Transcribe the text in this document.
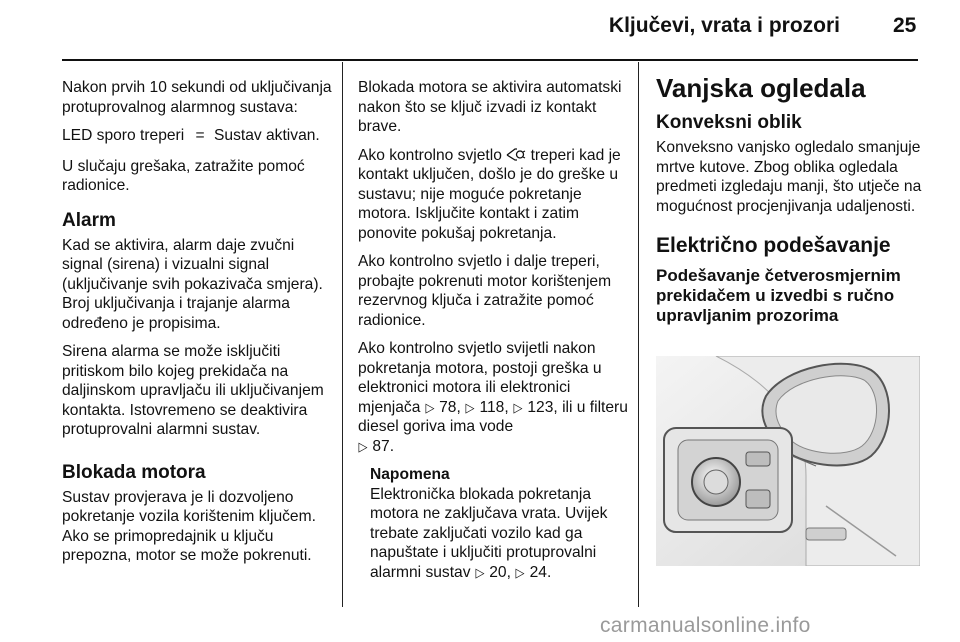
Ključevi, vrata i prozori	25

Nakon prvih 10 sekundi od uključivanja protuprovalnog alarmnog sustava:

LED sporo treperi = Sustav aktivan.

U slučaju grešaka, zatražite pomoć radionice.

Alarm

Kad se aktivira, alarm daje zvučni signal (sirena) i vizualni signal (uključivanje svih pokazivača smjera). Broj uključivanja i trajanje alarma određeno je propisima.

Sirena alarma se može isključiti pritiskom bilo kojeg prekidača na daljinskom upravljaču ili uključivanjem kontakta. Istovremeno se deaktivira protuprovalni alarmni sustav.

Blokada motora

Sustav provjerava je li dozvoljeno pokretanje vozila korištenim ključem. Ako se primopredajnik u ključu prepozna, motor se može pokrenuti.

Blokada motora se aktivira automatski nakon što se ključ izvadi iz kontakt brave.

Ako kontrolno svjetlo treperi kad je kontakt uključen, došlo je do greške u sustavu; nije moguće pokretanje motora. Isključite kontakt i zatim ponovite pokušaj pokretanja.

Ako kontrolno svjetlo i dalje treperi, probajte pokrenuti motor korištenjem rezervnog ključa i zatražite pomoć radionice.

Ako kontrolno svjetlo svijetli nakon pokretanja motora, postoji greška u elektronici motora ili elektronici mjenjača ▷ 78, ▷ 118, ▷ 123, ili u filteru diesel goriva ima vode
▷ 87.

Napomena
Elektronička blokada pokretanja motora ne zaključava vrata. Uvijek trebate zaključati vozilo kad ga napuštate i uključiti protuprovalni alarmni sustav ▷ 20, ▷ 24.
Vanjska ogledala
Konveksni oblik

Konveksno vanjsko ogledalo smanjuje mrtve kutove. Zbog oblika ogledala predmeti izgledaju manji, što utječe na mogućnost procjenjivanja udaljenosti.

Električno podešavanje
Podešavanje četverosmjernim prekidačem u izvedbi s ručno upravljanim prozorima
carmanualsonline.info
